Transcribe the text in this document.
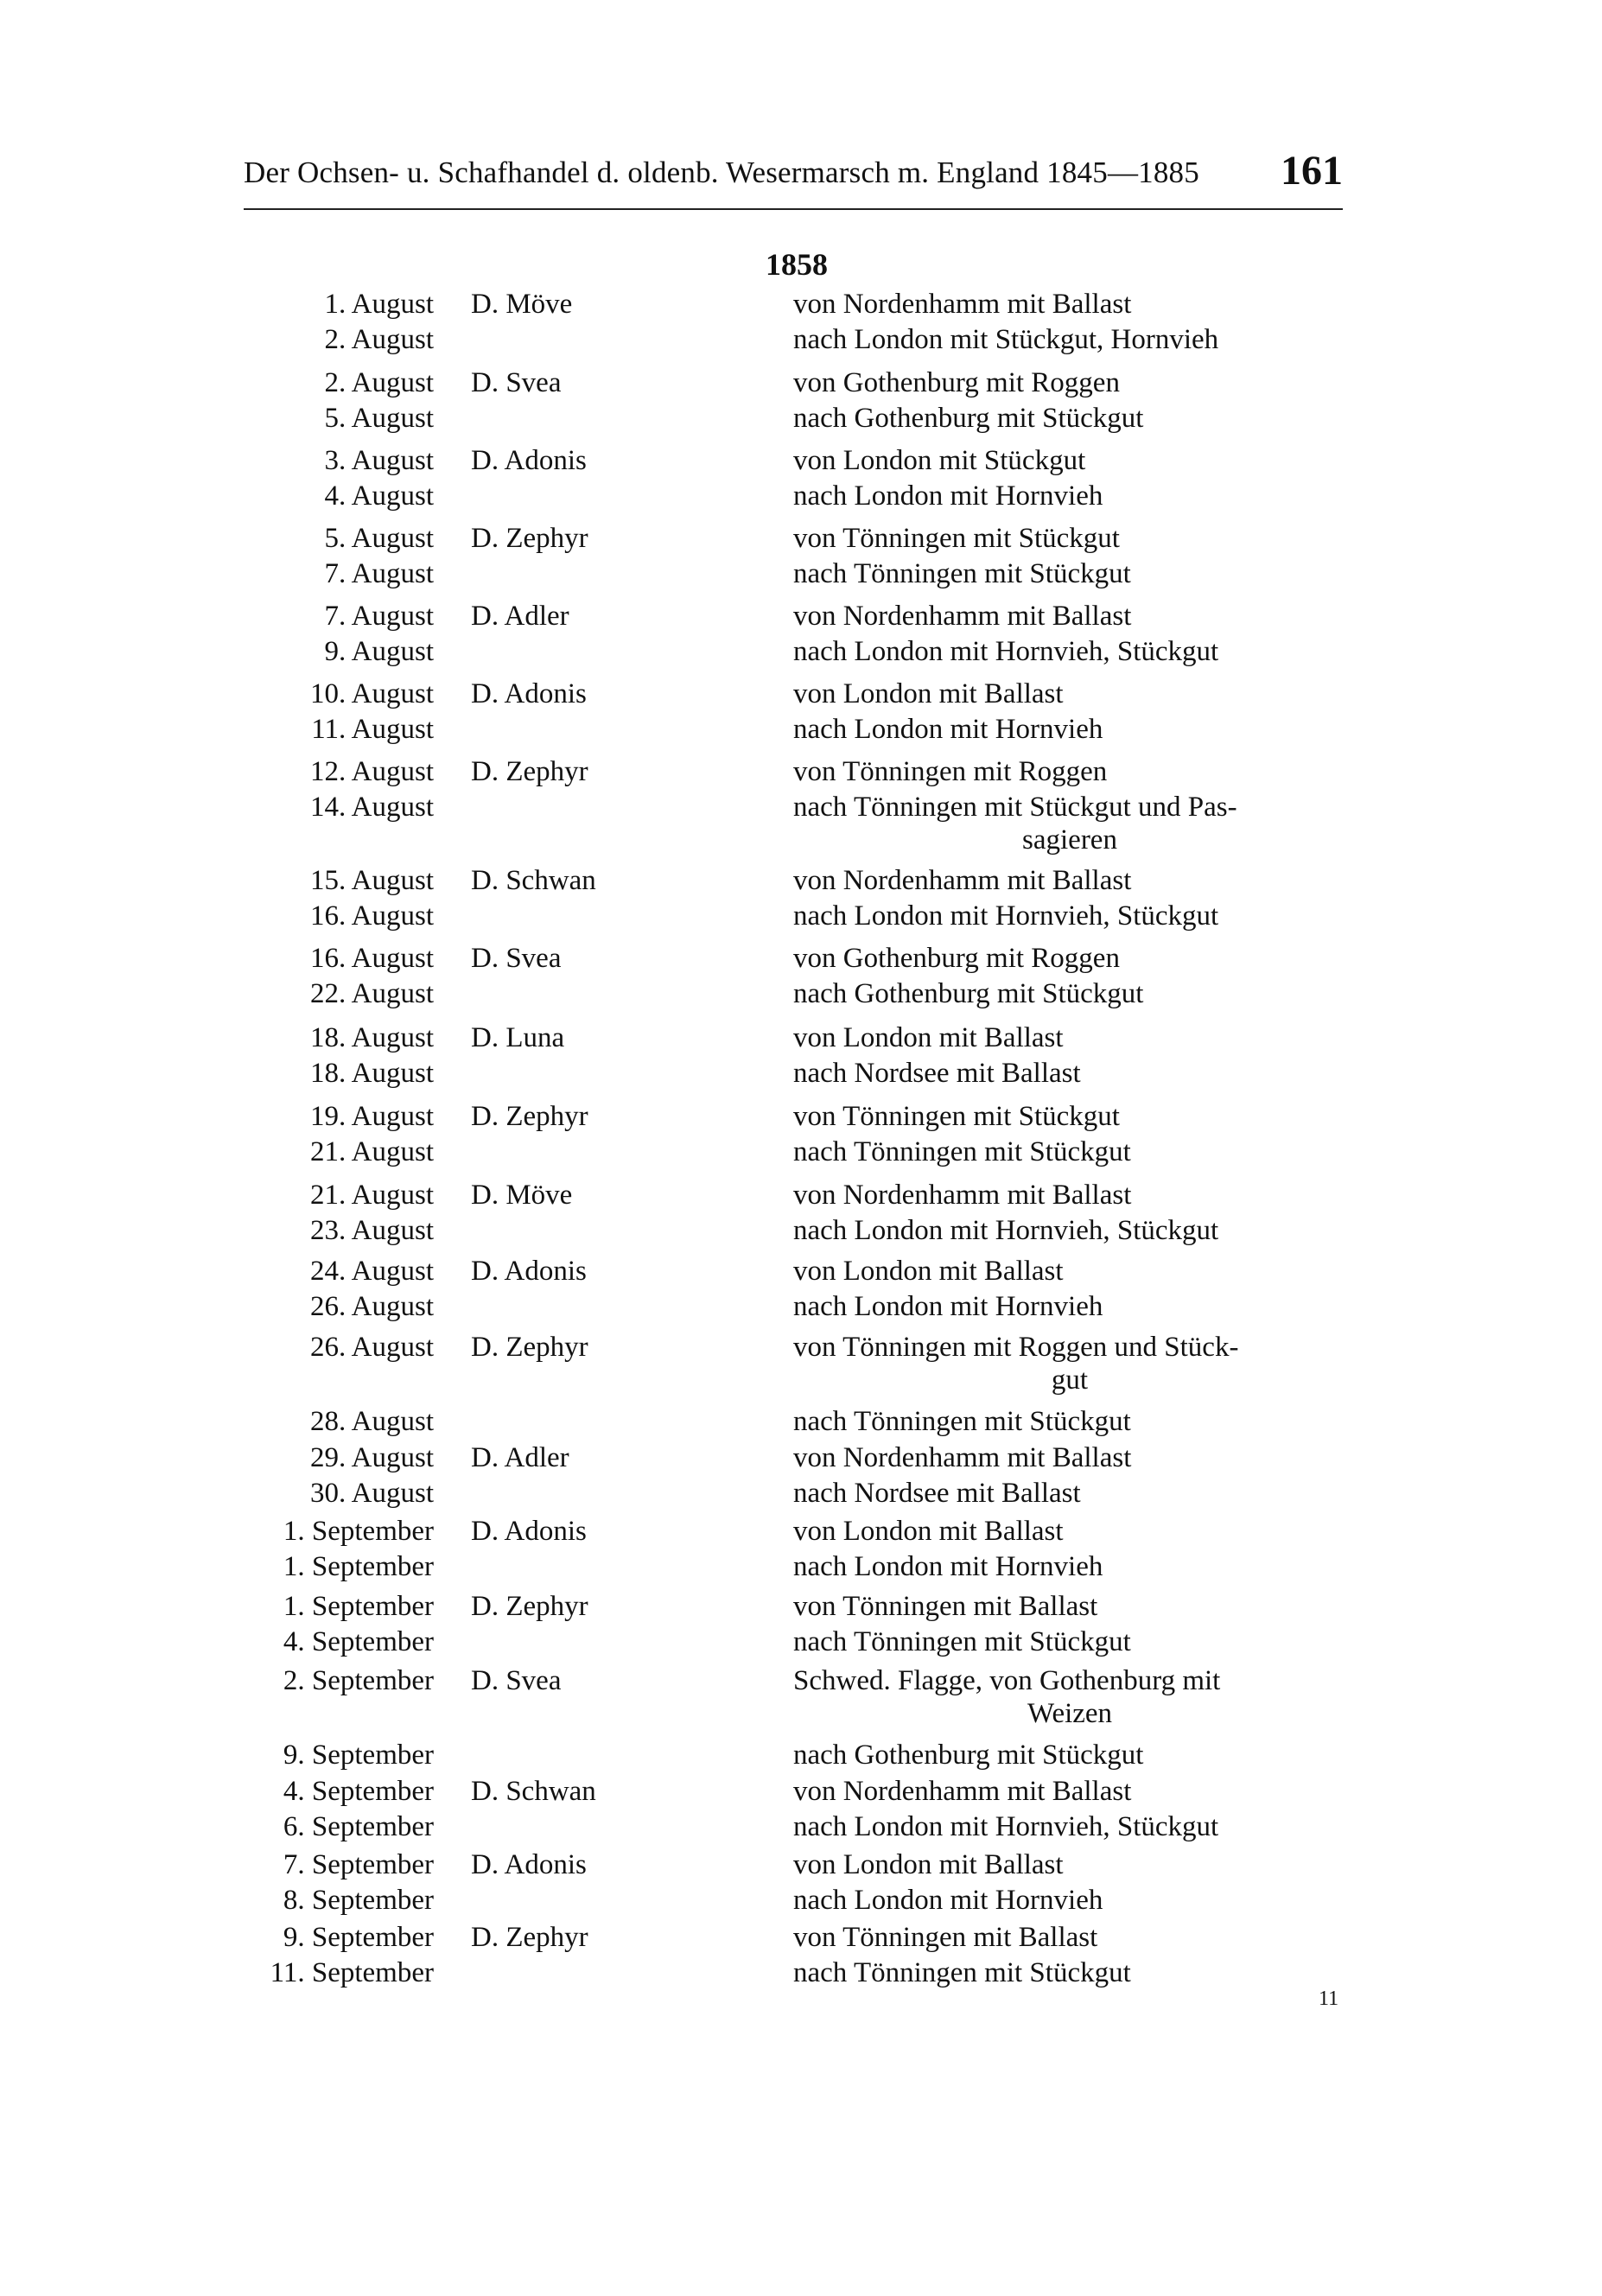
Der Ochsen- u. Schafhandel d. oldenb. Wesermarsch m. England 1845—1885 161
1858
1. August D. Möve	von Nordenhamm mit Ballast
2. August	nach London mit Stückgut, Hornvieh
2. August D. Svea	von Gothenburg mit Roggen
5. August	nach Gothenburg mit Stückgut
3. August D. Adonis	von London mit Stückgut
4. August	nach London mit Hornvieh
5. August D. Zephyr	von Tönningen mit Stückgut
7. August	nach Tönningen mit Stückgut
7. August D. Adler	von Nordenhamm mit Ballast
9. August	nach London mit Hornvieh, Stückgut
10. August D. Adonis	von London mit Ballast
11. August	nach London mit Hornvieh
12. August D. Zephyr	von Tönningen mit Roggen
14. August	nach Tönningen mit Stückgut und Pas-
sagieren
15. August D. Schwan	von Nordenhamm mit Ballast
16. August	nach London mit Hornvieh, Stückgut
16. August D. Svea	von Gothenburg mit Roggen
22. August	nach Gothenburg mit Stückgut
18. August D. Luna	von London mit Ballast
18. August	nach Nordsee mit Ballast
19. August D. Zephyr	von Tönningen mit Stückgut
21. August	nach Tönningen mit Stückgut
21. August D. Möve	von Nordenhamm mit Ballast
23. August	nach London mit Hornvieh, Stückgut
24. August D. Adonis	von London mit Ballast
26. August	nach London mit Hornvieh
26. August D. Zephyr	von Tönningen mit Roggen und Stück-
gut
28. August	nach Tönningen mit Stückgut
29. August D. Adler	von Nordenhamm mit Ballast
30. August	nach Nordsee mit Ballast
1. September D. Adonis	von London mit Ballast
1. September	nach London mit Hornvieh
1. September D. Zephyr	von Tönningen mit Ballast
4. September	nach Tönningen mit Stückgut
2. September D. Svea	Schwed. Flagge, von Gothenburg mit
Weizen
9. September	nach Gothenburg mit Stückgut
4. September D. Schwan	von Nordenhamm mit Ballast
6. September	nach London mit Hornvieh, Stückgut
7. September D. Adonis	von London mit Ballast
8. September	nach London mit Hornvieh
9. September D. Zephyr	von Tönningen mit Ballast
11. September	nach Tönningen mit Stückgut
11
